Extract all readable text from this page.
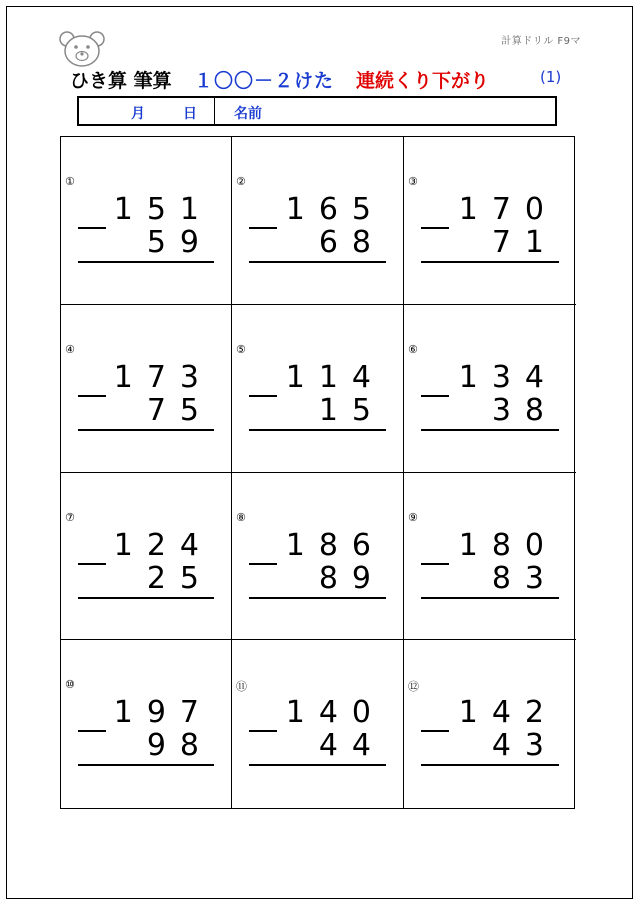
計算ドリル F9マ
ひき算 筆算 １〇〇－２けた 連続くり下がり	(1)
月	日	名前
①
151
59
②
165
68
③
170
71
④
173
75
⑤
114
15
⑥
134
38
⑦
124
25
⑧
186
89
⑨
180
83
⑩
197
98
⑪
140
44
⑫
142
43
